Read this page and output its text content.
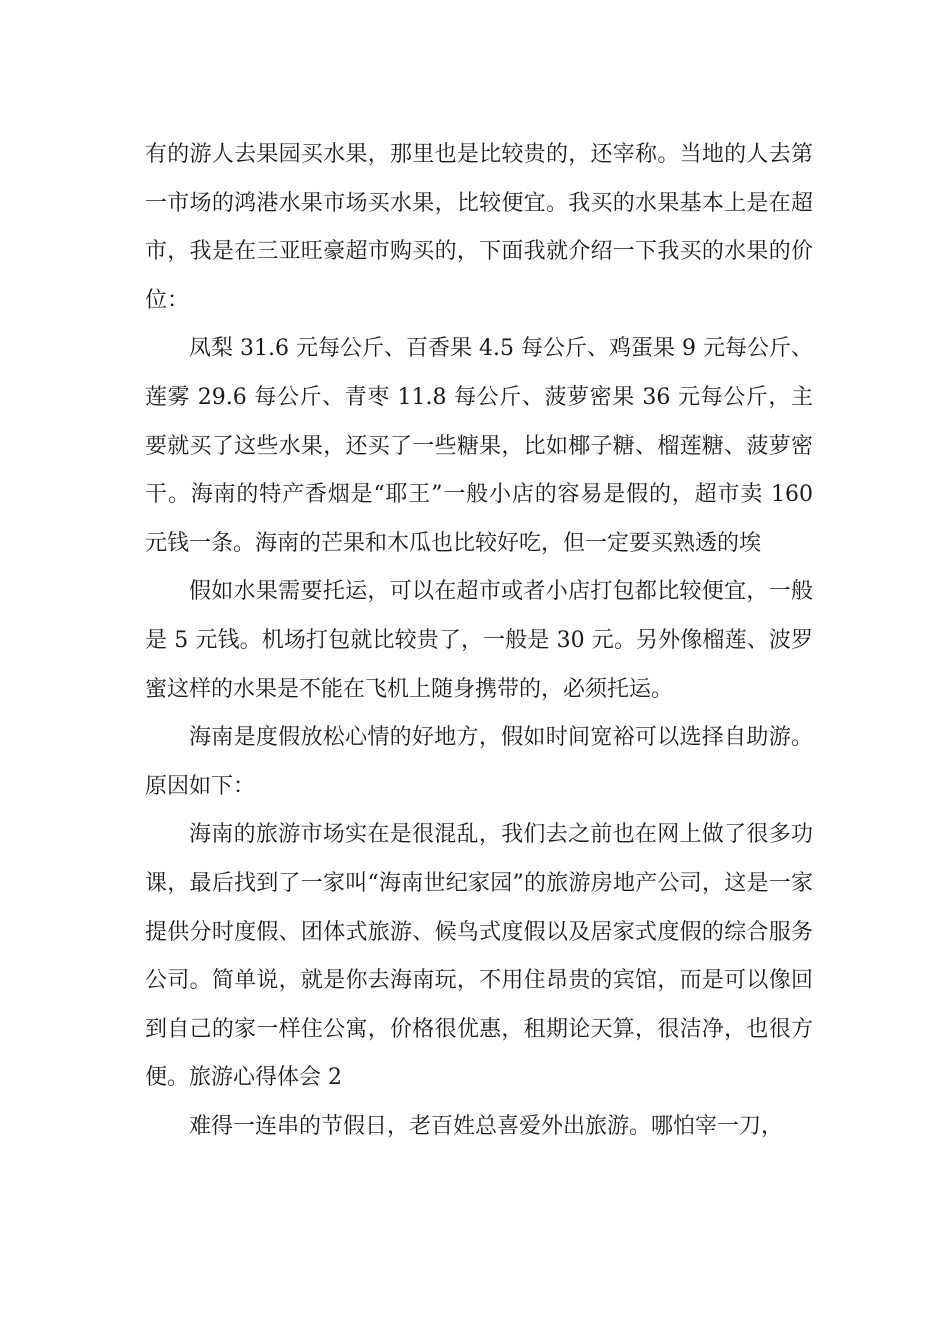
有的游人去果园买水果，那里也是比较贵的，还宰称。当地的人去第一市场的鸿港水果市场买水果，比较便宜。我买的水果基本上是在超市，我是在三亚旺豪超市购买的，下面我就介绍一下我买的水果的价位：

凤梨 31.6 元每公斤、百香果 4.5 每公斤、鸡蛋果 9 元每公斤、莲雾 29.6 每公斤、青枣 11.8 每公斤、菠萝密果 36 元每公斤，主要就买了这些水果，还买了一些糖果，比如椰子糖、榴莲糖、菠萝密干。海南的特产香烟是“耶王”一般小店的容易是假的，超市卖 160 元钱一条。海南的芒果和木瓜也比较好吃，但一定要买熟透的埃

假如水果需要托运，可以在超市或者小店打包都比较便宜，一般是 5 元钱。机场打包就比较贵了，一般是 30 元。另外像榴莲、波罗蜜这样的水果是不能在飞机上随身携带的，必须托运。

海南是度假放松心情的好地方，假如时间宽裕可以选择自助游。原因如下：

海南的旅游市场实在是很混乱，我们去之前也在网上做了很多功课，最后找到了一家叫“海南世纪家园”的旅游房地产公司，这是一家提供分时度假、团体式旅游、候鸟式度假以及居家式度假的综合服务公司。简单说，就是你去海南玩，不用住昂贵的宾馆，而是可以像回到自己的家一样住公寓，价格很优惠，租期论天算，很洁净，也很方便。旅游心得体会 2

难得一连串的节假日，老百姓总喜爱外出旅游。哪怕宰一刀，
